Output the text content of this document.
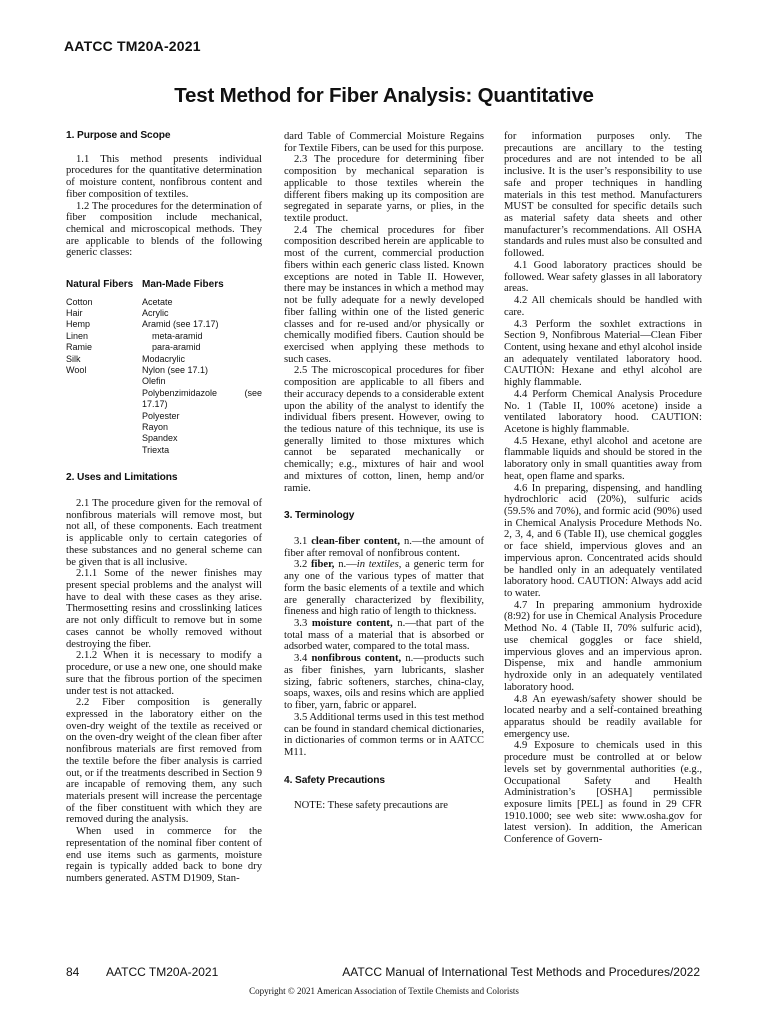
AATCC TM20A-2021
Test Method for Fiber Analysis: Quantitative

1. Purpose and Scope

1.1 This method presents individual procedures for the quantitative determination of moisture content, nonfibrous content and fiber composition of textiles.

1.2 The procedures for the determination of fiber composition include mechanical, chemical and microscopical methods. They are applicable to blends of the following generic classes:

Natural Fibers	Man-Made Fibers
Cotton	Acetate
Hair	Acrylic
Hemp	Aramid (see 17.17)
Linen	meta-aramid
Ramie	para-aramid
Silk	Modacrylic
Wool	Nylon (see 17.1)
	Olefin
	Polybenzimidazole (see 17.17)
	Polyester
	Rayon
	Spandex
	Triexta

2. Uses and Limitations

2.1 The procedure given for the removal of nonfibrous materials will remove most, but not all, of these components. Each treatment is applicable only to certain categories of these substances and no general scheme can be given that is all inclusive.

2.1.1 Some of the newer finishes may present special problems and the analyst will have to deal with these cases as they arise. Thermosetting resins and crosslinking latices are not only difficult to remove but in some cases cannot be wholly removed without destroying the fiber.

2.1.2 When it is necessary to modify a procedure, or use a new one, one should make sure that the fibrous portion of the specimen under test is not attacked.

2.2 Fiber composition is generally expressed in the laboratory either on the oven-dry weight of the textile as received or on the oven-dry weight of the clean fiber after nonfibrous materials are first removed from the textile before the fiber analysis is carried out, or if the treatments described in Section 9 are incapable of removing them, any such materials present will increase the percentage of the fiber constituent with which they are removed during the analysis.

When used in commerce for the representation of the nominal fiber content of end use items such as garments, moisture regain is typically added back to bone dry numbers generated. ASTM D1909, Stan-

dard Table of Commercial Moisture Regains for Textile Fibers, can be used for this purpose.

2.3 The procedure for determining fiber composition by mechanical separation is applicable to those textiles wherein the different fibers making up its composition are segregated in separate yarns, or plies, in the textile product.

2.4 The chemical procedures for fiber composition described herein are applicable to most of the current, commercial production fibers within each generic class listed. Known exceptions are noted in Table II. However, there may be instances in which a method may not be fully adequate for a newly developed fiber falling within one of the listed generic classes and for re-used and/or physically or chemically modified fibers. Caution should be exercised when applying these methods to such cases.

2.5 The microscopical procedures for fiber composition are applicable to all fibers and their accuracy depends to a considerable extent upon the ability of the analyst to identify the individual fibers present. However, owing to the tedious nature of this technique, its use is generally limited to those mixtures which cannot be separated mechanically or chemically; e.g., mixtures of hair and wool and mixtures of cotton, linen, hemp and/or ramie.

3. Terminology

3.1 clean-fiber content, n.—the amount of fiber after removal of nonfibrous content.

3.2 fiber, n.—in textiles, a generic term for any one of the various types of matter that form the basic elements of a textile and which are generally characterized by flexibility, fineness and high ratio of length to thickness.

3.3 moisture content, n.—that part of the total mass of a material that is absorbed or adsorbed water, compared to the total mass.

3.4 nonfibrous content, n.—products such as fiber finishes, yarn lubricants, slasher sizing, fabric softeners, starches, china-clay, soaps, waxes, oils and resins which are applied to fiber, yarn, fabric or apparel.

3.5 Additional terms used in this test method can be found in standard chemical dictionaries, in dictionaries of common terms or in AATCC M11.

4. Safety Precautions

NOTE: These safety precautions are

for information purposes only. The precautions are ancillary to the testing procedures and are not intended to be all inclusive. It is the user’s responsibility to use safe and proper techniques in handling materials in this test method. Manufacturers MUST be consulted for specific details such as material safety data sheets and other manufacturer’s recommendations. All OSHA standards and rules must also be consulted and followed.

4.1 Good laboratory practices should be followed. Wear safety glasses in all laboratory areas.

4.2 All chemicals should be handled with care.

4.3 Perform the soxhlet extractions in Section 9, Nonfibrous Material—Clean Fiber Content, using hexane and ethyl alcohol inside an adequately ventilated laboratory hood. CAUTION: Hexane and ethyl alcohol are highly flammable.

4.4 Perform Chemical Analysis Procedure No. 1 (Table II, 100% acetone) inside a ventilated laboratory hood. CAUTION: Acetone is highly flammable.

4.5 Hexane, ethyl alcohol and acetone are flammable liquids and should be stored in the laboratory only in small quantities away from heat, open flame and sparks.

4.6 In preparing, dispensing, and handling hydrochloric acid (20%), sulfuric acids (59.5% and 70%), and formic acid (90%) used in Chemical Analysis Procedure Methods No. 2, 3, 4, and 6 (Table II), use chemical goggles or face shield, impervious gloves and an impervious apron. Concentrated acids should be handled only in an adequately ventilated laboratory hood. CAUTION: Always add acid to water.

4.7 In preparing ammonium hydroxide (8:92) for use in Chemical Analysis Procedure Method No. 4 (Table II, 70% sulfuric acid), use chemical goggles or face shield, impervious gloves and an impervious apron. Dispense, mix and handle ammonium hydroxide only in an adequately ventilated laboratory hood.

4.8 An eyewash/safety shower should be located nearby and a self-contained breathing apparatus should be readily available for emergency use.

4.9 Exposure to chemicals used in this procedure must be controlled at or below levels set by governmental authorities (e.g., Occupational Safety and Health Administration’s [OSHA] permissible exposure limits [PEL] as found in 29 CFR 1910.1000; see web site: www.osha.gov for latest version). In addition, the American Conference of Govern-

84 AATCC TM20A-2021	AATCC Manual of International Test Methods and Procedures/2022
Copyright © 2021 American Association of Textile Chemists and Colorists
